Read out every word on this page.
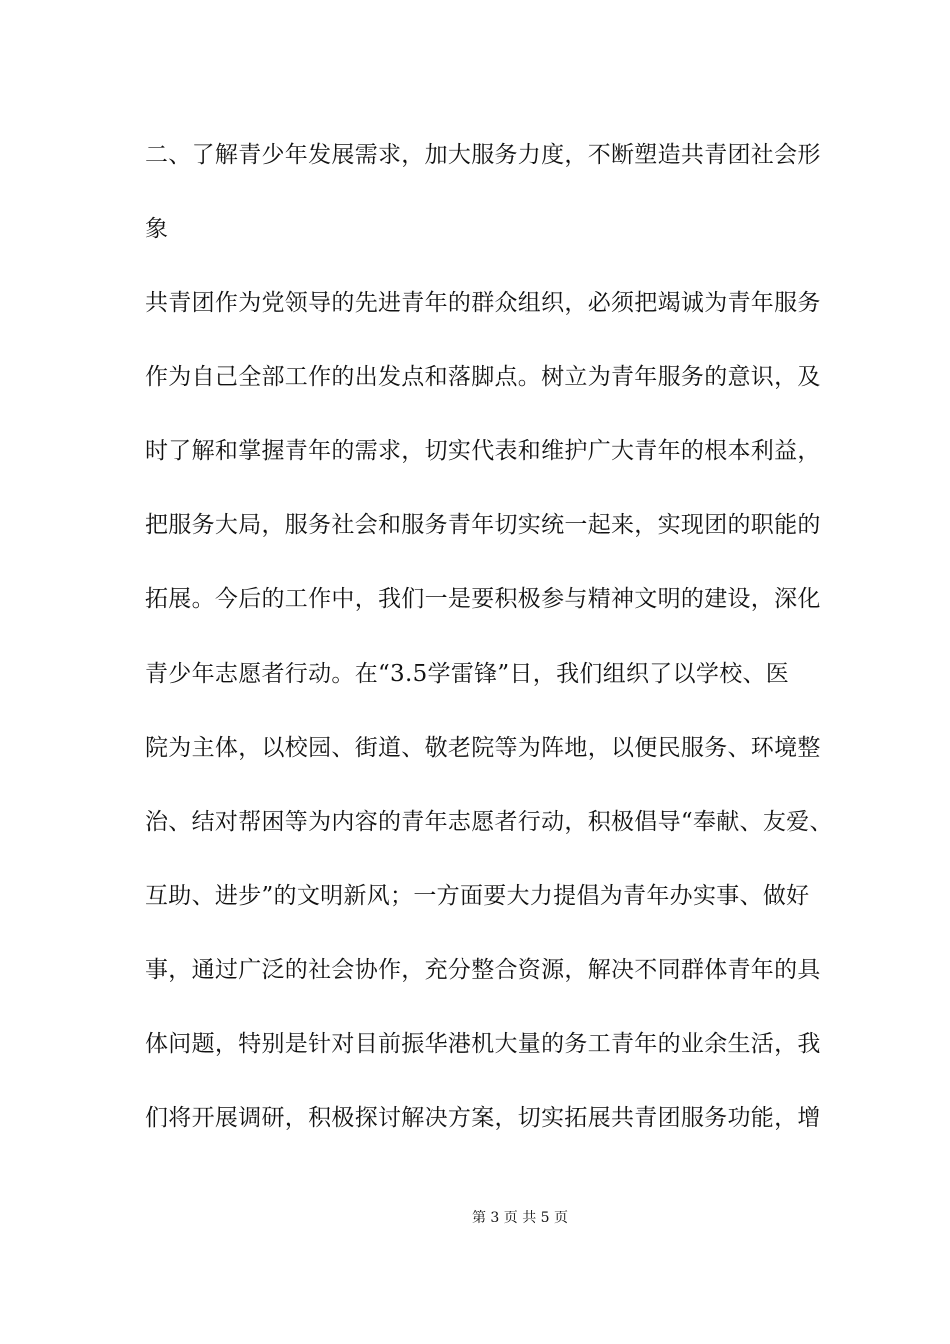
二、了解青少年发展需求，加大服务力度，不断塑造共青团社会形
象
共青团作为党领导的先进青年的群众组织，必须把竭诚为青年服务
作为自己全部工作的出发点和落脚点。树立为青年服务的意识，及
时了解和掌握青年的需求，切实代表和维护广大青年的根本利益，
把服务大局，服务社会和服务青年切实统一起来，实现团的职能的
拓展。今后的工作中，我们一是要积极参与精神文明的建设，深化
青少年志愿者行动。在“3.5学雷锋”日，我们组织了以学校、医
院为主体，以校园、街道、敬老院等为阵地，以便民服务、环境整
治、结对帮困等为内容的青年志愿者行动，积极倡导“奉献、友爱、
互助、进步”的文明新风；一方面要大力提倡为青年办实事、做好
事，通过广泛的社会协作，充分整合资源，解决不同群体青年的具
体问题，特别是针对目前振华港机大量的务工青年的业余生活，我
们将开展调研，积极探讨解决方案，切实拓展共青团服务功能，增
第 3 页 共 5 页
